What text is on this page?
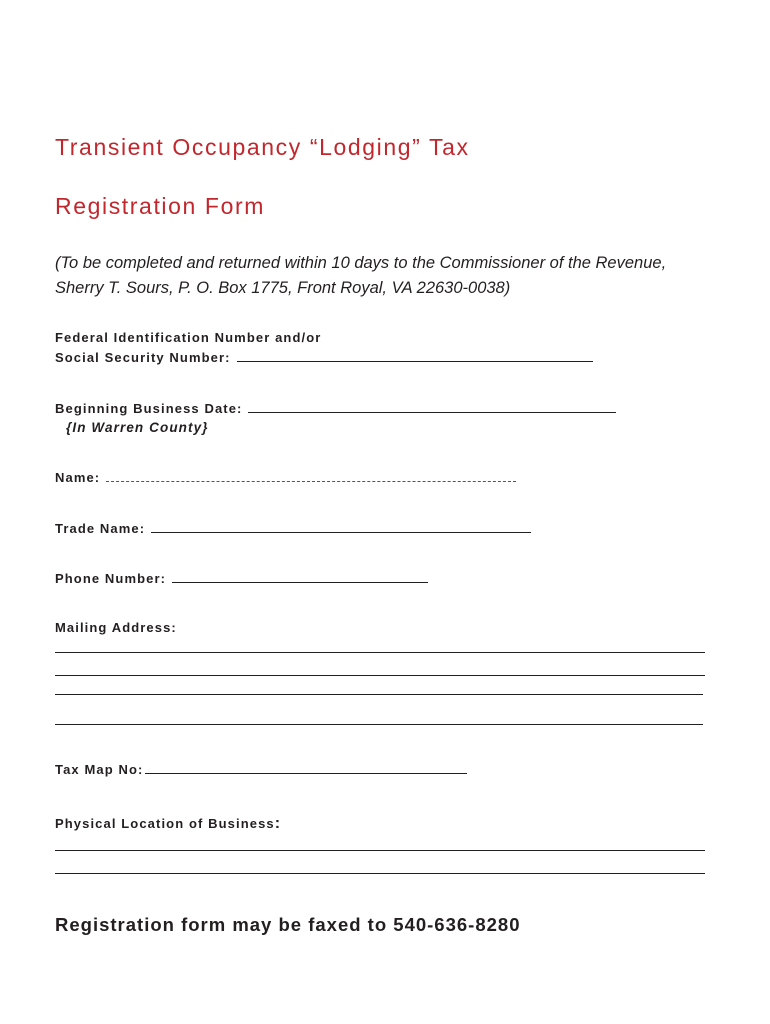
Transient Occupancy “Lodging” Tax
Registration Form

(To be completed and returned within 10 days to the Commissioner of the Revenue,
Sherry T. Sours, P. O. Box 1775, Front Royal, VA 22630-0038)

Federal Identification Number and/or
Social Security Number:
Beginning Business Date:
{In Warren County}
Name:
Trade Name:
Phone Number:
Mailing Address:
Tax Map No:
Physical Location of Business:

Registration form may be faxed to 540-636-8280
